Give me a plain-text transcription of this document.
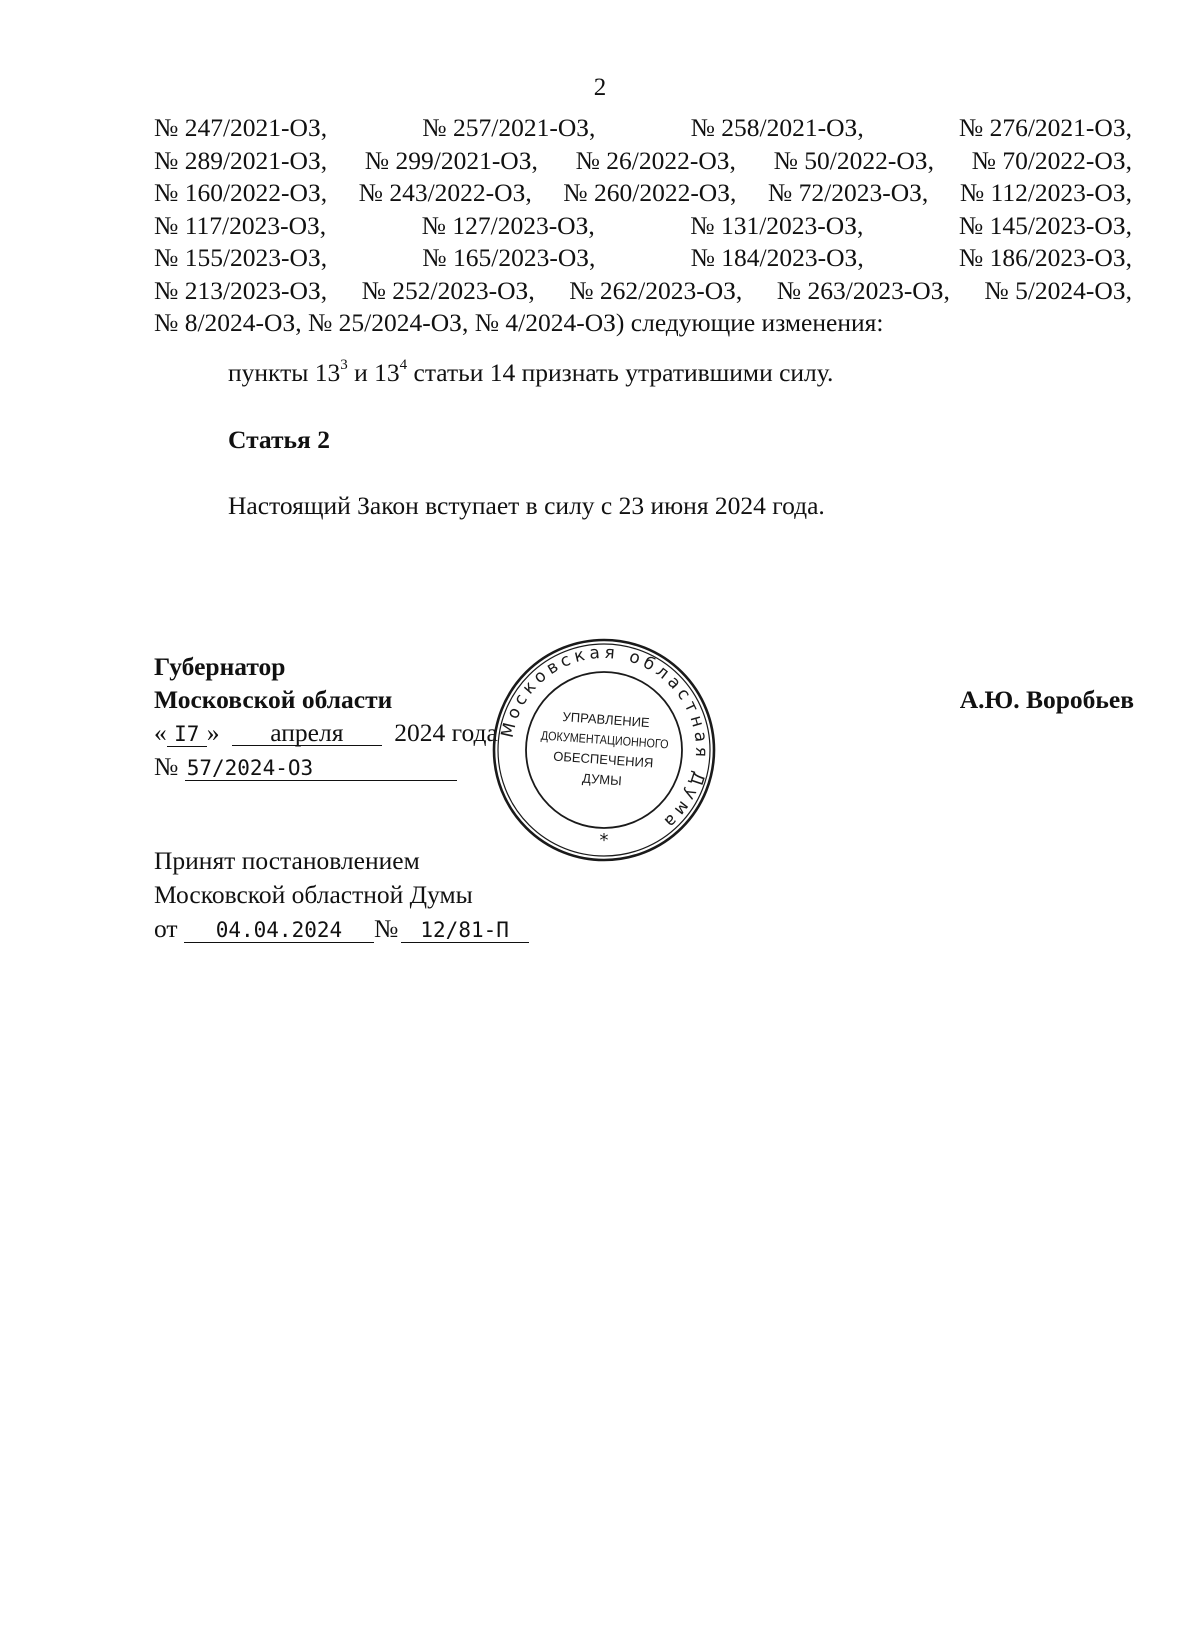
2
№ 247/2021-ОЗ,	№ 257/2021-ОЗ,	№ 258/2021-ОЗ,	№ 276/2021-ОЗ,
№ 289/2021-ОЗ, № 299/2021-ОЗ, № 26/2022-ОЗ, № 50/2022-ОЗ, № 70/2022-ОЗ,
№ 160/2022-ОЗ, № 243/2022-ОЗ, № 260/2022-ОЗ, № 72/2023-ОЗ, № 112/2023-ОЗ,
№ 117/2023-ОЗ,	№ 127/2023-ОЗ,	№ 131/2023-ОЗ,	№ 145/2023-ОЗ,
№ 155/2023-ОЗ,	№ 165/2023-ОЗ,	№ 184/2023-ОЗ,	№ 186/2023-ОЗ,
№ 213/2023-ОЗ, № 252/2023-ОЗ, № 262/2023-ОЗ, № 263/2023-ОЗ, № 5/2024-ОЗ,
№ 8/2024-ОЗ, № 25/2024-ОЗ, № 4/2024-ОЗ) следующие изменения:
пункты $13^3$ и $13^4$ статьи 14 признать утратившими силу.
Статья 2
Настоящий Закон вступает в силу с 23 июня 2024 года.
Губернатор
Московской области	А.Ю. Воробьев
« I7 » апреля 2024 года
№ 57/2024-ОЗ
Принят постановлением
Московской областной Думы
от 04.04.2024 № 12/81-П
Московская областная Дума
УПРАВЛЕНИЕ
ДОКУМЕНТАЦИОННОГО
ОБЕСПЕЧЕНИЯ
ДУМЫ
*
